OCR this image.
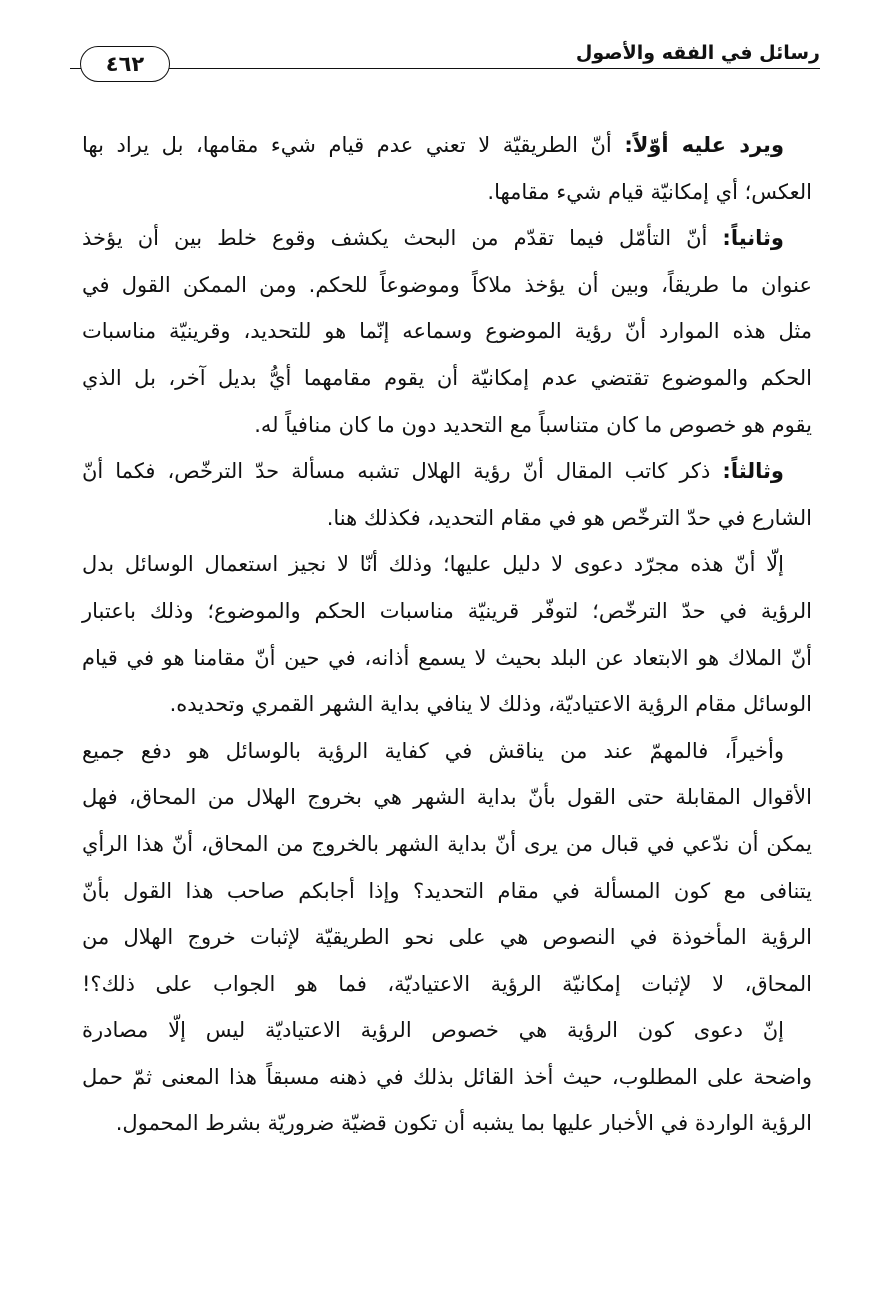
رسائل في الفقه والأصول
٤٦٢
ويرد عليه أوّلاً: أنّ الطريقيّة لا تعني عدم قيام شيء مقامها، بل يراد بها
العكس؛ أي إمكانيّة قيام شيء مقامها.
وثانياً: أنّ التأمّل فيما تقدّم من البحث يكشف وقوع خلط بين أن يؤخذ
عنوان ما طريقاً، وبين أن يؤخذ ملاكاً وموضوعاً للحكم. ومن الممكن القول في
مثل هذه الموارد أنّ رؤية الموضوع وسماعه إنّما هو للتحديد، وقرينيّة مناسبات
الحكم والموضوع تقتضي عدم إمكانيّة أن يقوم مقامهما أيُّ بديل آخر، بل الذي
يقوم هو خصوص ما كان متناسباً مع التحديد دون ما كان منافياً له.
وثالثاً: ذكر كاتب المقال أنّ رؤية الهلال تشبه مسألة حدّ الترخّص، فكما أنّ
الشارع في حدّ الترخّص هو في مقام التحديد، فكذلك هنا.
إلّا أنّ هذه مجرّد دعوى لا دليل عليها؛ وذلك أنّا لا نجيز استعمال الوسائل بدل
الرؤية في حدّ الترخّص؛ لتوفّر قرينيّة مناسبات الحكم والموضوع؛ وذلك باعتبار
أنّ الملاك هو الابتعاد عن البلد بحيث لا يسمع أذانه، في حين أنّ مقامنا هو في قيام
الوسائل مقام الرؤية الاعتياديّة، وذلك لا ينافي بداية الشهر القمري وتحديده.
وأخيراً، فالمهمّ عند من يناقش في كفاية الرؤية بالوسائل هو دفع جميع
الأقوال المقابلة حتى القول بأنّ بداية الشهر هي بخروج الهلال من المحاق، فهل
يمكن أن ندّعي في قبال من يرى أنّ بداية الشهر بالخروج من المحاق، أنّ هذا الرأي
يتنافى مع كون المسألة في مقام التحديد؟ وإذا أجابكم صاحب هذا القول بأنّ
الرؤية المأخوذة في النصوص هي على نحو الطريقيّة لإثبات خروج الهلال من
المحاق، لا لإثبات إمكانيّة الرؤية الاعتياديّة، فما هو الجواب على ذلك؟!
إنّ دعوى كون الرؤية هي خصوص الرؤية الاعتياديّة ليس إلّا مصادرة
واضحة على المطلوب، حيث أخذ القائل بذلك في ذهنه مسبقاً هذا المعنى ثمّ حمل
الرؤية الواردة في الأخبار عليها بما يشبه أن تكون قضيّة ضروريّة بشرط المحمول.
